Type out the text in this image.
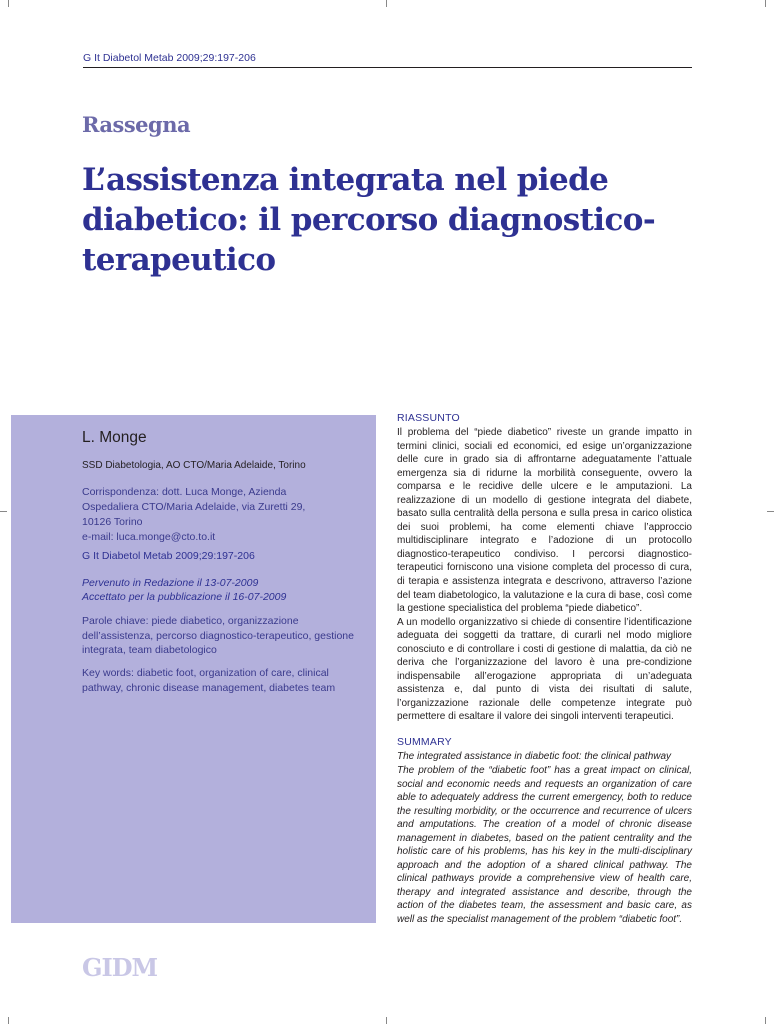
G It Diabetol Metab 2009;29:197-206
Rassegna
L’assistenza integrata nel piede diabetico: il percorso diagnostico-terapeutico
L. Monge
SSD Diabetologia, AO CTO/Maria Adelaide, Torino
Corrispondenza: dott. Luca Monge, Azienda
Ospedaliera CTO/Maria Adelaide, via Zuretti 29,
10126 Torino
e-mail: luca.monge@cto.to.it
G It Diabetol Metab 2009;29:197-206
Pervenuto in Redazione il 13-07-2009
Accettato per la pubblicazione il 16-07-2009
Parole chiave: piede diabetico, organizzazione dell’assistenza, percorso diagnostico-terapeutico, gestione integrata, team diabetologico
Key words: diabetic foot, organization of care, clinical pathway, chronic disease management, diabetes team
RIASSUNTO
Il problema del “piede diabetico” riveste un grande impatto in termini clinici, sociali ed economici, ed esige un’organizzazione delle cure in grado sia di affrontarne adeguatamente l’attuale emergenza sia di ridurne la morbilità conseguente, ovvero la comparsa e le recidive delle ulcere e le amputazioni. La realizzazione di un modello di gestione integrata del diabete, basato sulla centralità della persona e sulla presa in carico olistica dei suoi problemi, ha come elementi chiave l’approccio multidisciplinare integrato e l’adozione di un protocollo diagnostico-terapeutico condiviso. I percorsi diagnostico-terapeutici forniscono una visione completa del processo di cura, di terapia e assistenza integrata e descrivono, attraverso l’azione del team diabetologico, la valutazione e la cura di base, così come la gestione specialistica del problema “piede diabetico”.
A un modello organizzativo si chiede di consentire l’identificazione adeguata dei soggetti da trattare, di curarli nel modo migliore conosciuto e di controllare i costi di gestione di malattia, da ciò ne deriva che l’organizzazione del lavoro è una pre-condizione indispensabile all’erogazione appropriata di un’adeguata assistenza e, dal punto di vista dei risultati di salute, l’organizzazione razionale delle competenze integrate può permettere di esaltare il valore dei singoli interventi terapeutici.
SUMMARY
The integrated assistance in diabetic foot: the clinical pathway
The problem of the “diabetic foot” has a great impact on clinical, social and economic needs and requests an organization of care able to adequately address the current emergency, both to reduce the resulting morbidity, or the occurrence and recurrence of ulcers and amputations. The creation of a model of chronic disease management in diabetes, based on the patient centrality and the holistic care of his problems, has his key in the multi-disciplinary approach and the adoption of a shared clinical pathway. The clinical pathways provide a comprehensive view of health care, therapy and integrated assistance and describe, through the action of the diabetes team, the assessment and basic care, as well as the specialist management of the problem “diabetic foot”.
GIDM
